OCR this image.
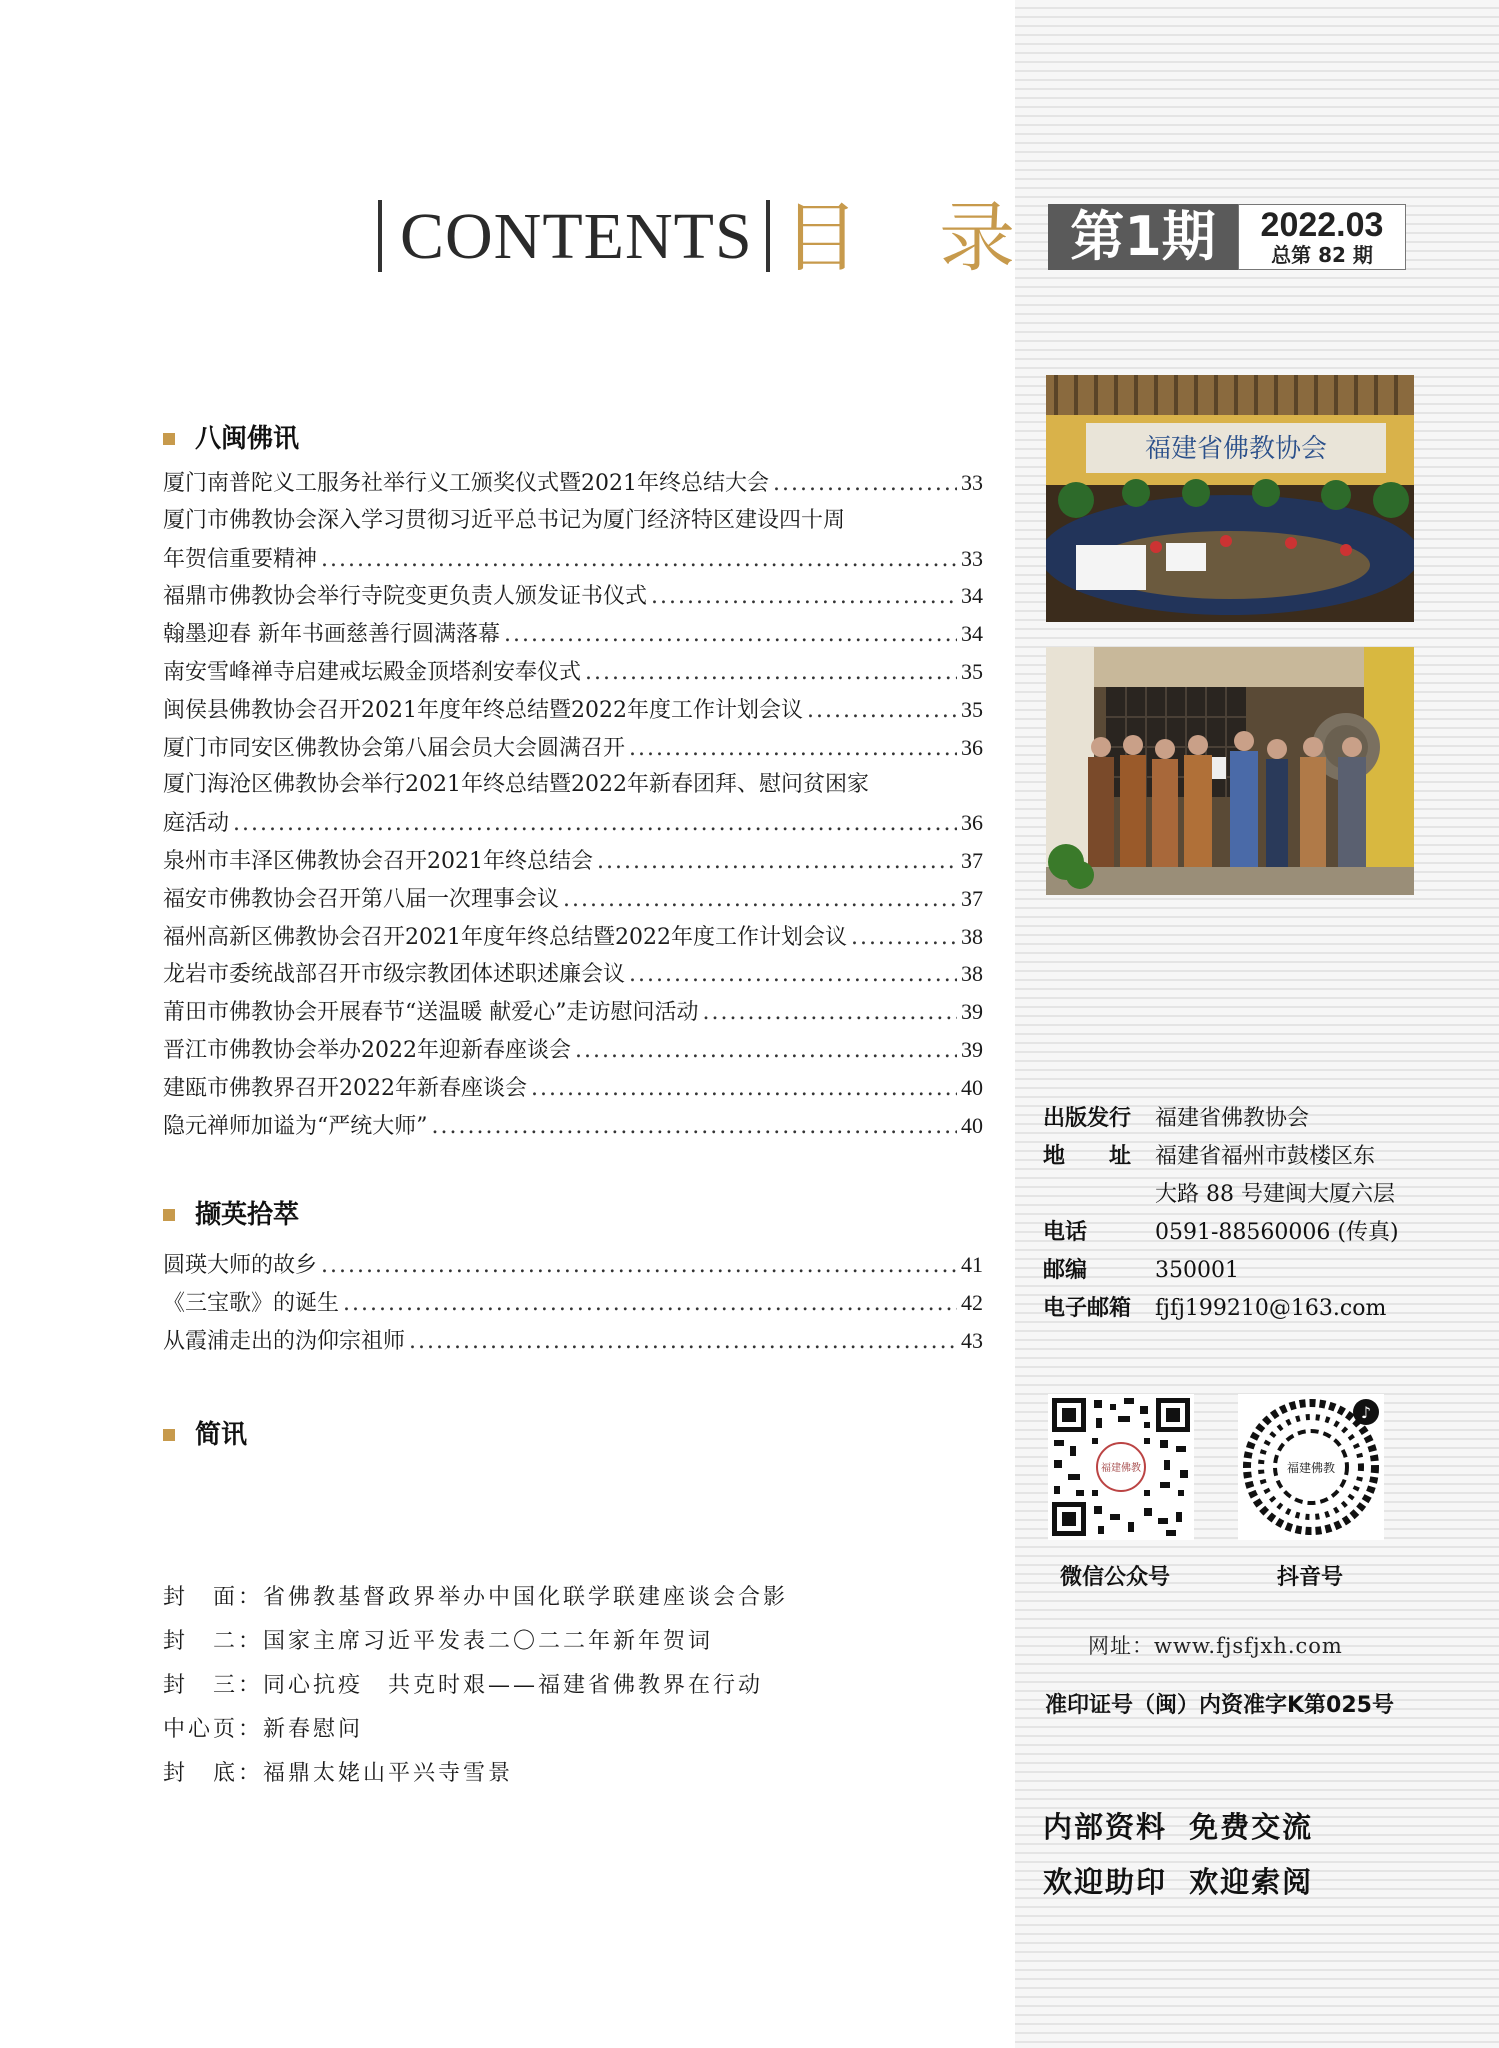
CONTENTS 目 录 第1期	2022.03
总第 82 期
八闽佛讯
厦门南普陀义工服务社举行义工颁奖仪式暨2021年终总结大会 .....	33
厦门市佛教协会深入学习贯彻习近平总书记为厦门经济特区建设四十周
年贺信重要精神 .....	33
福鼎市佛教协会举行寺院变更负责人颁发证书仪式 .....	34
翰墨迎春 新年书画慈善行圆满落幕 .....	34
南安雪峰禅寺启建戒坛殿金顶塔刹安奉仪式 .....	35
闽侯县佛教协会召开2021年度年终总结暨2022年度工作计划会议 .....	35
厦门市同安区佛教协会第八届会员大会圆满召开 .....	36
厦门海沧区佛教协会举行2021年终总结暨2022年新春团拜、慰问贫困家
庭活动 .....	36
泉州市丰泽区佛教协会召开2021年终总结会 .....	37
福安市佛教协会召开第八届一次理事会议 .....	37
福州高新区佛教协会召开2021年度年终总结暨2022年度工作计划会议 .....	38
龙岩市委统战部召开市级宗教团体述职述廉会议 .....	38
莆田市佛教协会开展春节“送温暖 献爱心”走访慰问活动 .....	39
晋江市佛教协会举办2022年迎新春座谈会 .....	39
建瓯市佛教界召开2022年新春座谈会 .....	40
隐元禅师加谥为“严统大师” .....	40
撷英拾萃
圆瑛大师的故乡 .....	41
《三宝歌》的诞生 .....	42
从霞浦走出的沩仰宗祖师 .....	43
简讯
封　面：省佛教基督政界举办中国化联学联建座谈会合影
封　二：国家主席习近平发表二〇二二年新年贺词
封　三：同心抗疫　共克时艰——福建省佛教界在行动
中心页：新春慰问
封　底：福鼎太姥山平兴寺雪景
福建省佛教协会
出版发行	福建省佛教协会
地　　址	福建省福州市鼓楼区东
大路 88 号建闽大厦六层
电话	0591-88560006 (传真)
邮编	350001
电子邮箱	fjfj199210@163.com
福建佛教
微信公众号
福建佛教
♪
抖音号
网址：www.fjsfjxh.com
准印证号（闽）内资准字K第025号
内部资料 免费交流
欢迎助印 欢迎索阅
